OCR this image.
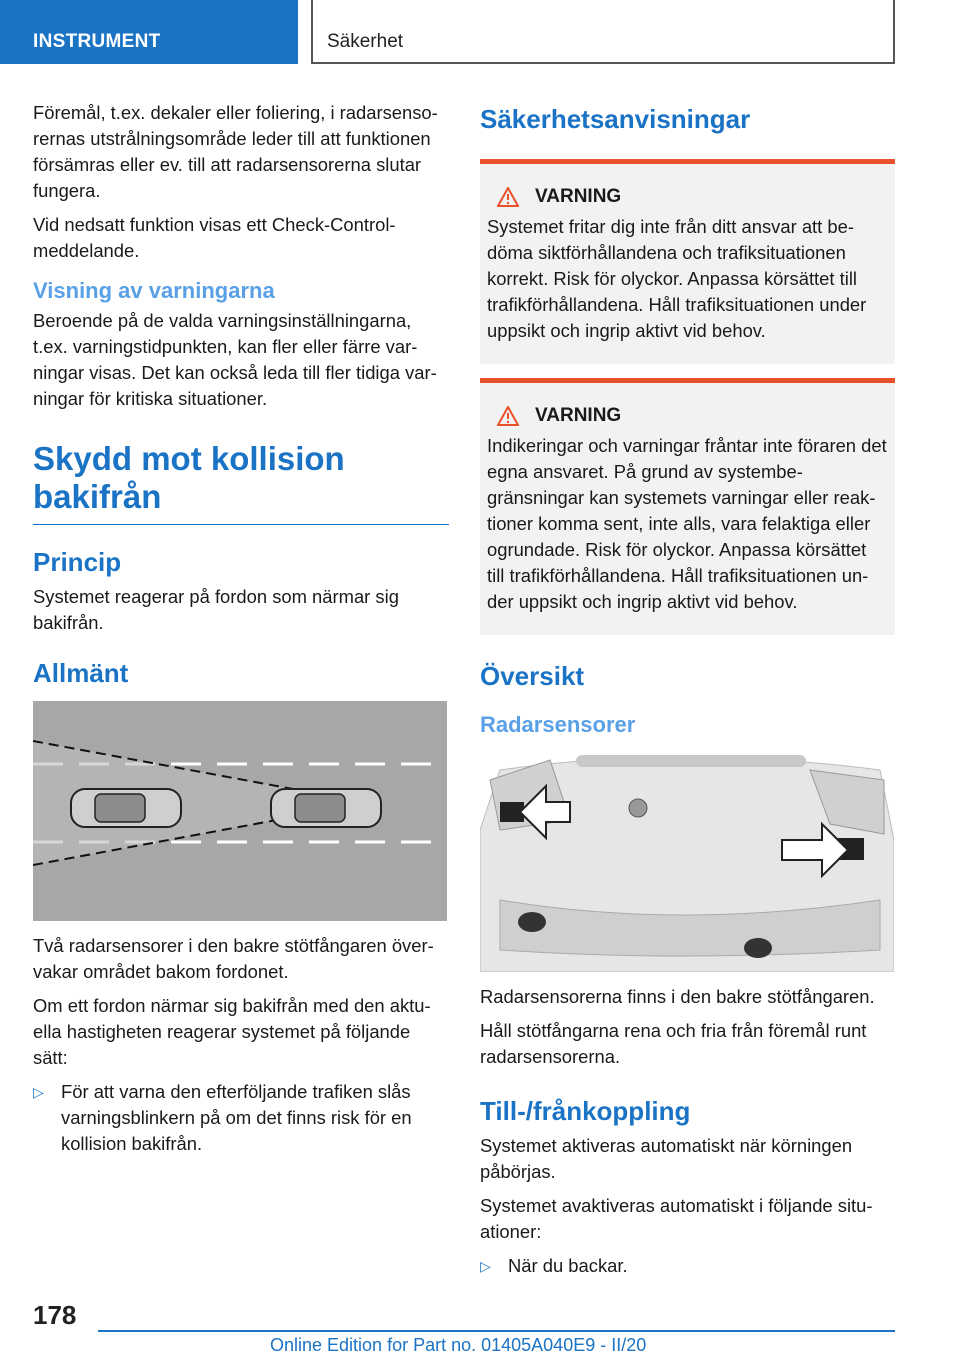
INSTRUMENT	Säkerhet

Föremål, t.ex. dekaler eller foliering, i radarsensorernas utstrålningsområde leder till att funktionen försämras eller ev. till att radarsensorerna slutar fungera.

Vid nedsatt funktion visas ett Check-Control-meddelande.

Visning av varningarna

Beroende på de valda varningsinställningarna, t.ex. varningstidpunkten, kan fler eller färre varningar visas. Det kan också leda till fler tidiga varningar för kritiska situationer.

Skydd mot kollision bakifrån
Princip

Systemet reagerar på fordon som närmar sig bakifrån.

Allmänt

Två radarsensorer i den bakre stötfångaren övervakar området bakom fordonet.

Om ett fordon närmar sig bakifrån med den aktuella hastigheten reagerar systemet på följande sätt:

▷ För att varna den efterföljande trafiken slås varningsblinkern på om det finns risk för en kollision bakifrån.
Säkerhetsanvisningar
VARNING

Systemet fritar dig inte från ditt ansvar att bedöma siktförhållandena och trafiksituationen korrekt. Risk för olyckor. Anpassa körsättet till trafikförhållandena. Håll trafiksituationen under uppsikt och ingrip aktivt vid behov.

VARNING

Indikeringar och varningar fråntar inte föraren det egna ansvaret. På grund av systembegränsningar kan systemets varningar eller reaktioner komma sent, inte alls, vara felaktiga eller ogrundade. Risk för olyckor. Anpassa körsättet till trafikförhållandena. Håll trafiksituationen under uppsikt och ingrip aktivt vid behov.

Översikt
Radarsensorer

Radarsensorerna finns i den bakre stötfångaren.

Håll stötfångarna rena och fria från föremål runt radarsensorerna.

Till-/frånkoppling

Systemet aktiveras automatiskt när körningen påbörjas.

Systemet avaktiveras automatiskt i följande situationer:

▷ När du backar.
178
Online Edition for Part no. 01405A040E9 - II/20
